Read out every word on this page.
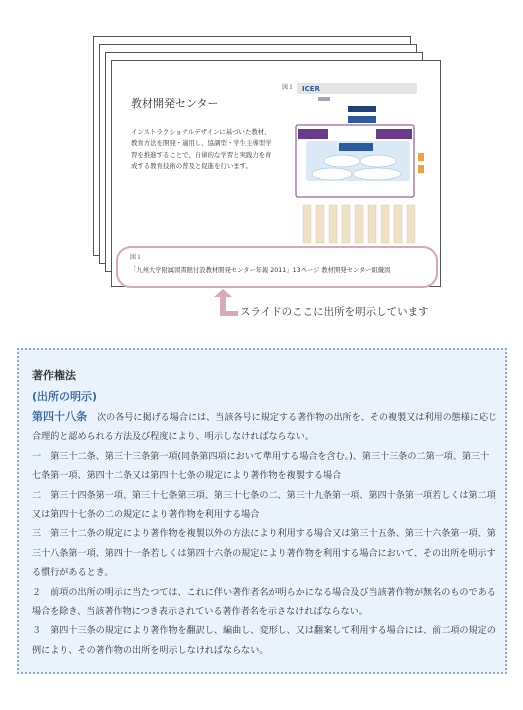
教材開発センター
インストラクショナルデザインに基づいた教材、教育方法を開発・適用し、協調型・学生主導型学習を推進することで、自律的な学習と実践力を育成する教育技術の普及と促進を行います。
図１ ICER
図１
「九州大学附属図書館付設教材開発センター年報 2011」13ページ 教材開発センター組織図
スライドのここに出所を明示しています
著作権法
(出所の明示)

第四十八条 次の各号に掲げる場合には、当該各号に規定する著作物の出所を、その複製又は利用の態様に応じ合理的と認められる方法及び程度により、明示しなければならない。

一　第三十二条、第三十三条第一項(同条第四項において準用する場合を含む。)、第三十三条の二第一項、第三十七条第一項、第四十二条又は第四十七条の規定により著作物を複製する場合

二　第三十四条第一項、第三十七条第三項、第三十七条の二、第三十九条第一項、第四十条第一項若しくは第二項又は第四十七条の二の規定により著作物を利用する場合

三　第三十二条の規定により著作物を複製以外の方法により利用する場合又は第三十五条、第三十六条第一項、第三十八条第一項、第四十一条若しくは第四十六条の規定により著作物を利用する場合において、その出所を明示する慣行があるとき。

２　前項の出所の明示に当たつては、これに伴い著作者名が明らかになる場合及び当該著作物が無名のものである場合を除き、当該著作物につき表示されている著作者名を示さなければならない。

３　第四十三条の規定により著作物を翻訳し、編曲し、変形し、又は翻案して利用する場合には、前二項の規定の例により、その著作物の出所を明示しなければならない。
